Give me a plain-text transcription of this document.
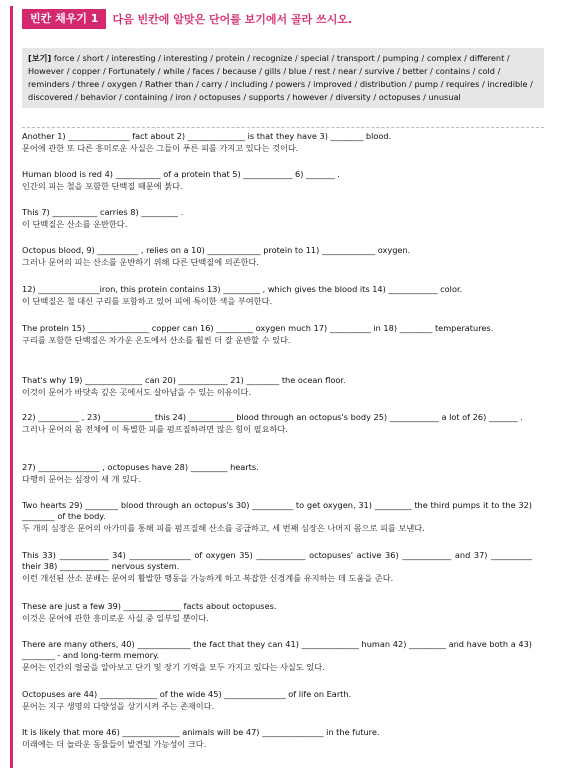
빈칸 채우기 1	다음 빈칸에 알맞은 단어를 보기에서 골라 쓰시오.
[보기] force / short / interesting / interesting / protein / recognize / special / transport / pumping / complex / different / However / copper / Fortunately / while / faces / because / gills / blue / rest / near / survive / better / contains / cold / reminders / three / oxygen / Rather than / carry / including / powers / improved / distribution / pump / requires / incredible / discovered / behavior / containing / iron / octopuses / supports / however / diversity / octopuses / unusual

Another 1) _______________ fact about 2) ______________ is that they have 3) ________ blood.

문어에 관한 또 다른 흥미로운 사실은 그들이 푸른 피를 가지고 있다는 것이다.

Human blood is red 4) ___________ of a protein that 5) ____________ 6) _______ .

인간의 피는 철을 포함한 단백질 때문에 붉다.

This 7) ___________ carries 8) _________ .

이 단백질은 산소를 운반한다.

Octopus blood, 9) __________ , relies on a 10) _____________ protein to 11) _____________ oxygen.

그러나 문어의 피는 산소를 운반하기 위해 다른 단백질에 의존한다.

12) _______________iron, this protein contains 13) _________ , which gives the blood its 14) ____________ color.

이 단백질은 철 대신 구리를 포함하고 있어 피에 특이한 색을 부여한다.

The protein 15) _______________ copper can 16) _________ oxygen much 17) __________ in 18) ________ temperatures.

구리를 포함한 단백질은 차가운 온도에서 산소를 훨씬 더 잘 운반할 수 있다.

That's why 19) ______________ can 20) ____________ 21) ________ the ocean floor.

이것이 문어가 바닷속 깊은 곳에서도 살아남을 수 있는 이유이다.

22) __________ , 23) ____________ this 24) ___________ blood through an octopus's body 25) ____________ a lot of 26) _______ .

그러나 문어의 몸 전체에 이 특별한 피를 펌프질하려면 많은 힘이 필요하다.

27) _______________ , octopuses have 28) _________ hearts.

다행히 문어는 심장이 세 개 있다.

Two hearts 29) ________ blood through an octopus's 30) __________ to get oxygen, 31) _________ the third pumps it to the 32) ________ of the body.

두 개의 심장은 문어의 아가미를 통해 피를 펌프질해 산소를 공급하고, 세 번째 심장은 나머지 몸으로 피를 보낸다.

This 33) ____________ 34) _______________ of oxygen 35) ____________ octopuses' active 36) ____________ and 37) __________ their 38) ____________ nervous system.

이런 개선된 산소 분배는 문어의 활발한 행동을 가능하게 하고 복잡한 신경계를 유지하는 데 도움을 준다.

These are just a few 39) ______________ facts about octopuses.

이것은 문어에 관한 흥미로운 사실 중 일부일 뿐이다.

There are many others, 40) _____________ the fact that they can 41) ______________ human 42) _________ and have both a 43) ________ - and long-term memory.

문어는 인간의 얼굴을 알아보고 단기 및 장기 기억을 모두 가지고 있다는 사실도 있다.

Octopuses are 44) ______________ of the wide 45) _______________ of life on Earth.

문어는 지구 생명의 다양성을 상기시켜 주는 존재이다.

It is likely that more 46) ______________ animals will be 47) _______________ in the future.

미래에는 더 놀라운 동물들이 발견될 가능성이 크다.
